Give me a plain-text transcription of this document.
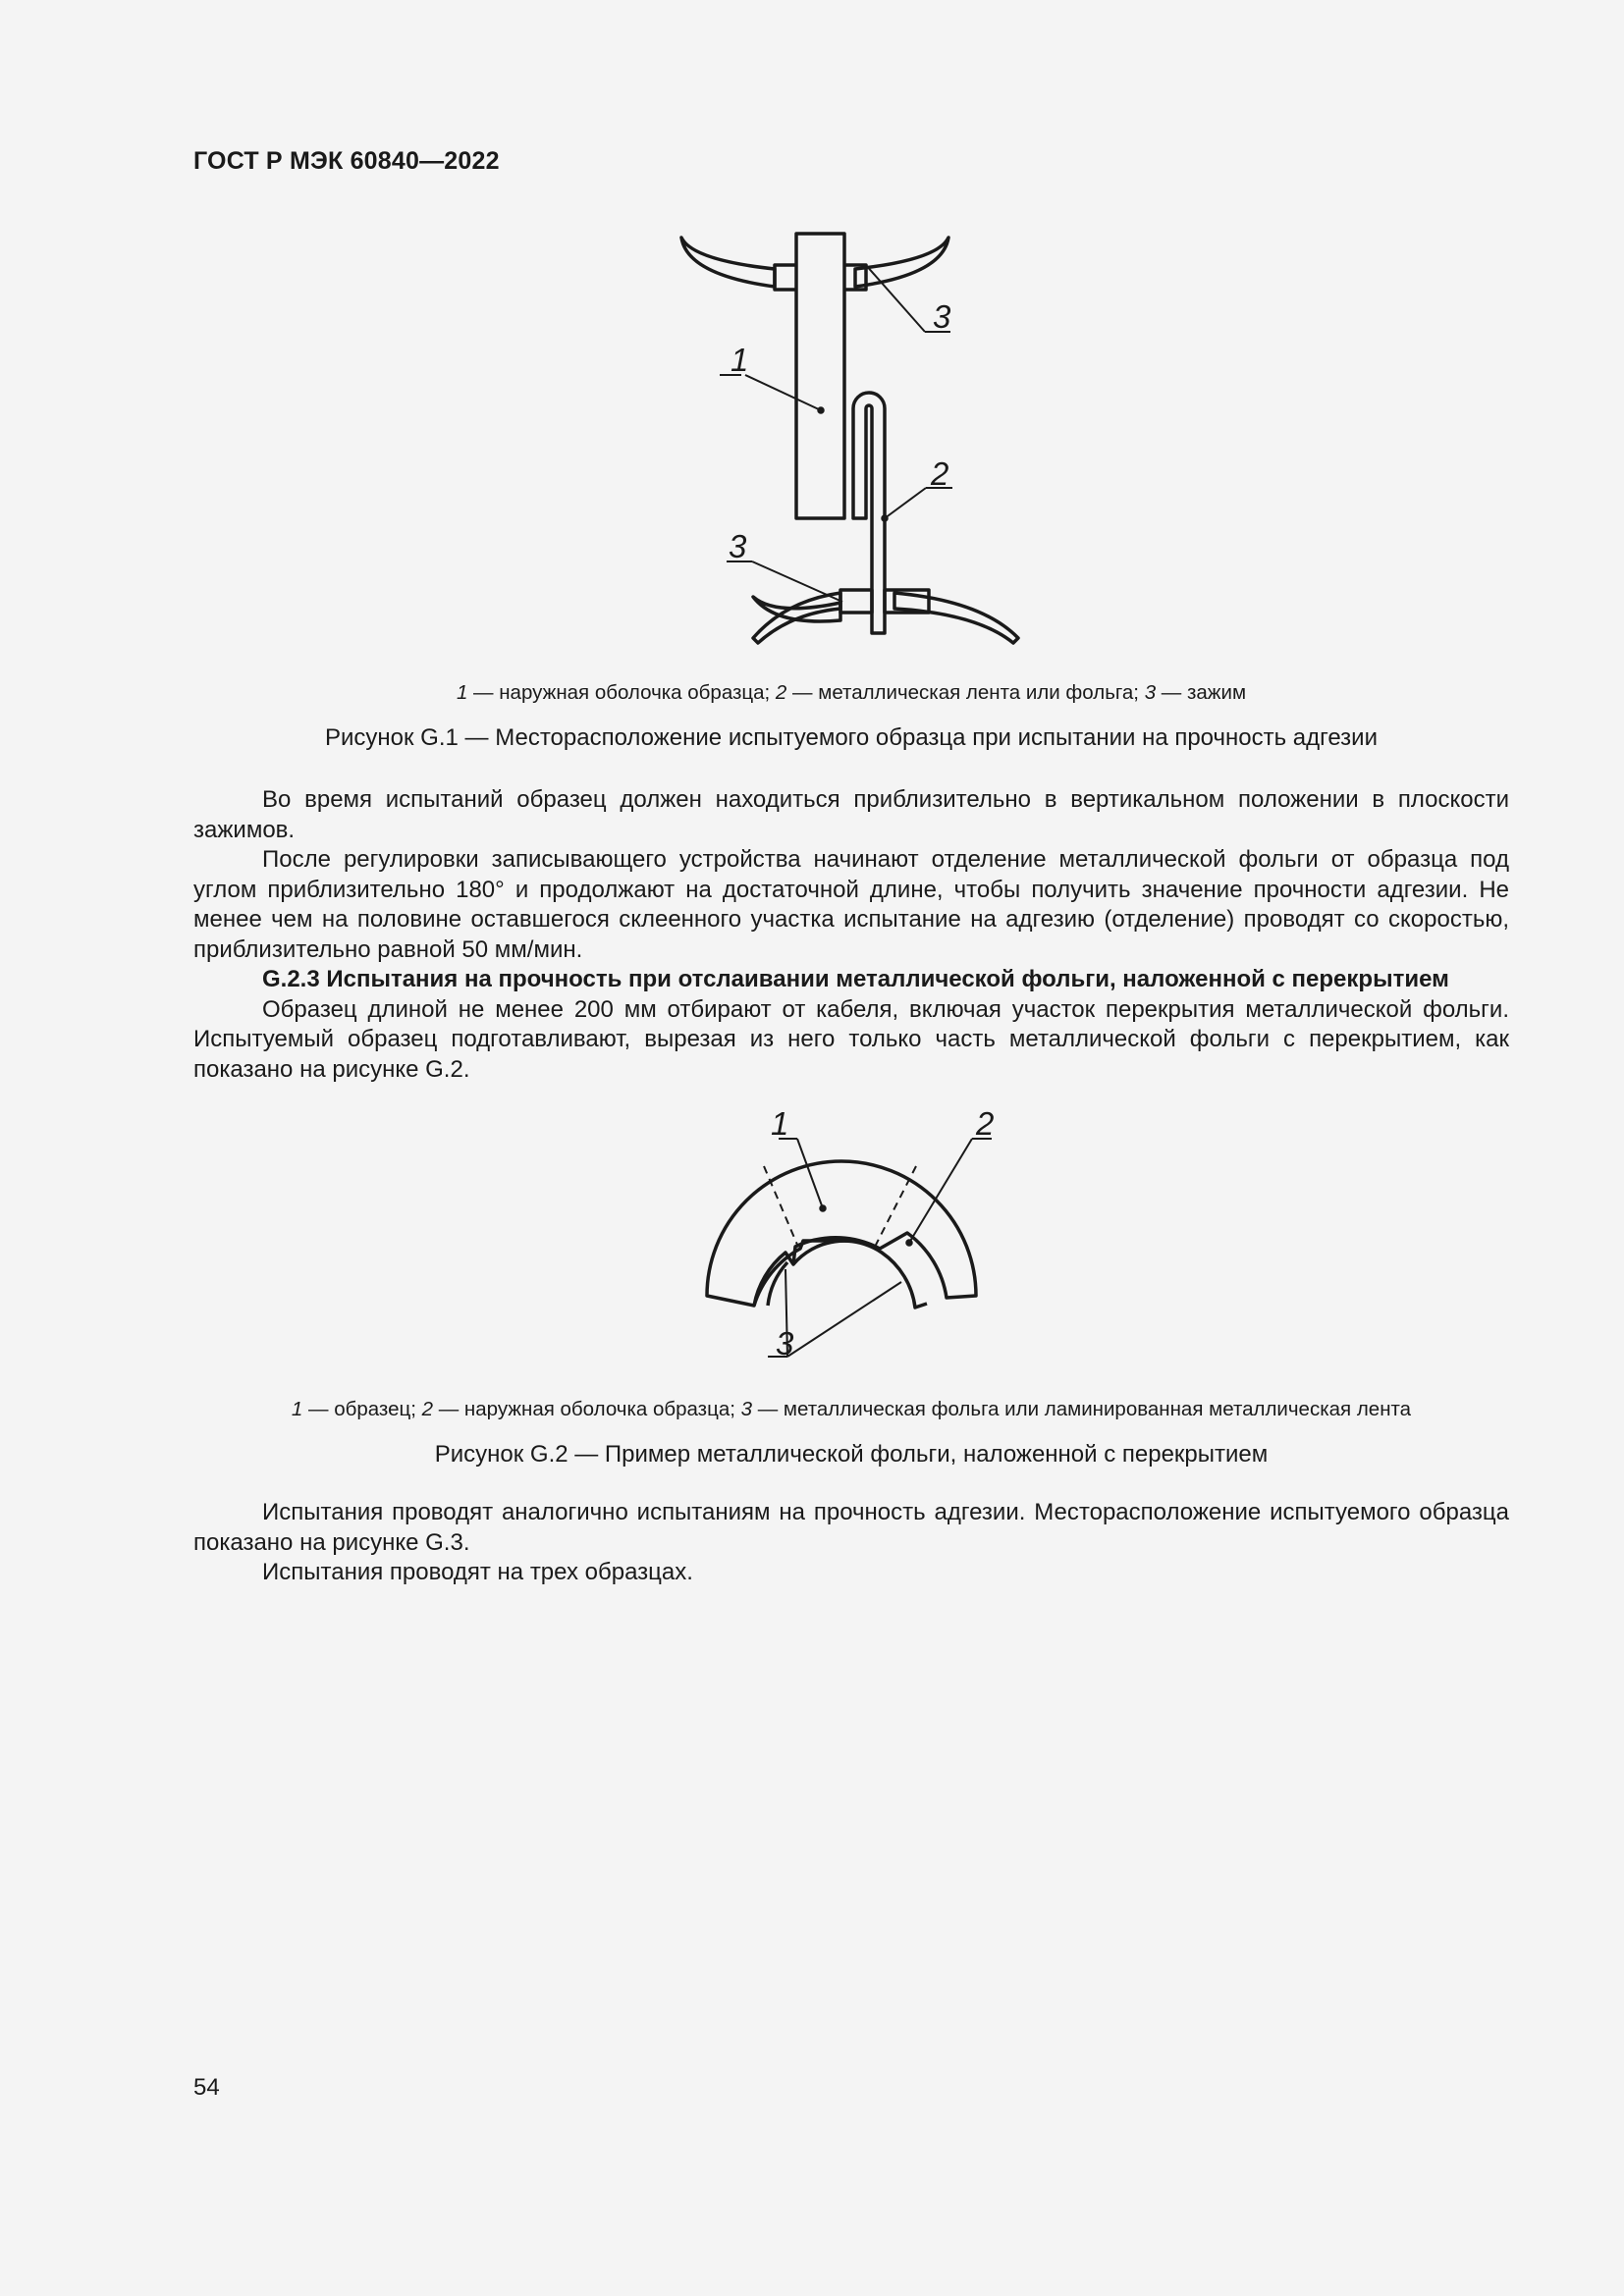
ГОСТ Р МЭК 60840—2022
1
3
2
3
1 — наружная оболочка образца; 2 — металлическая лента или фольга; 3 — зажим
Рисунок G.1 — Месторасположение испытуемого образца при испытании на прочность адгезии

Во время испытаний образец должен находиться приблизительно в вертикальном положении в плоскости зажимов.

После регулировки записывающего устройства начинают отделение металлической фольги от образца под углом приблизительно 180° и продолжают на достаточной длине, чтобы получить значение прочности адгезии. Не менее чем на половине оставшегося склеенного участка испытание на адгезию (отделение) проводят со скоростью, приблизительно равной 50 мм/мин.

G.2.3 Испытания на прочность при отслаивании металлической фольги, наложенной с перекрытием

Образец длиной не менее 200 мм отбирают от кабеля, включая участок перекрытия металлической фольги. Испытуемый образец подготавливают, вырезая из него только часть металлической фольги с перекрытием, как показано на рисунке G.2.

1	2
3
1 — образец; 2 — наружная оболочка образца; 3 — металлическая фольга или ламинированная металлическая лента
Рисунок G.2 — Пример металлической фольги, наложенной с перекрытием

Испытания проводят аналогично испытаниям на прочность адгезии. Месторасположение испытуемого образца показано на рисунке G.3.

Испытания проводят на трех образцах.

54
